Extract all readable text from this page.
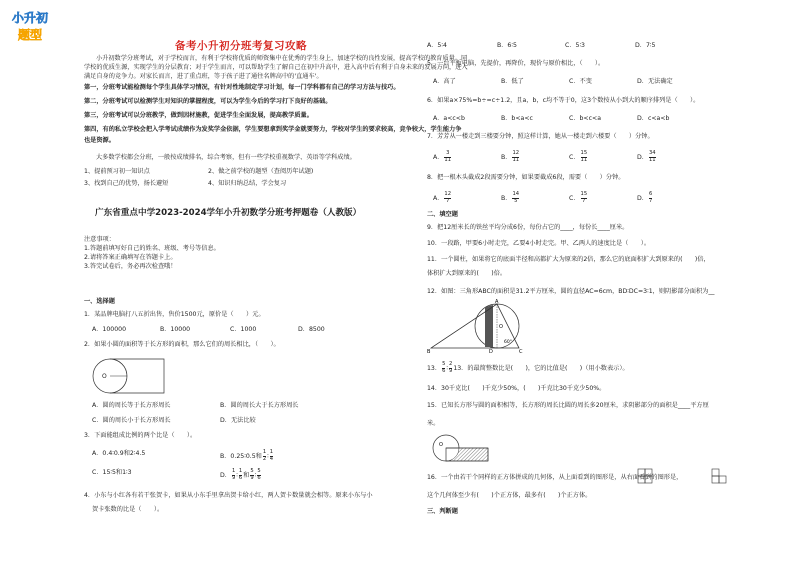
小升初
题型
备考小升初分班考复习攻略
小升初数学分班考试，对于学校而言，有利于学校将优质的师资集中在优秀的学生身上，加速学校的良性发展，提高学校的教育质量。同
学校的优质生源，实现学生的分层教育；对于学生而言，可以帮助学生了解自己在初中升高中，进入高中后有利于自身未来的发展方向，进入
满足自身的竞争力。对家长而言，进了重点班，等于孩子进了通往名牌高中的'直通车'。
第一，分班考试能检测每个学生具体学习情况，有针对性地制定学习计划，每一门学科都有自己的学习方法与技巧。
第二，分班考试可以检测学生对知识的掌握程度，可以为学生今后的学习打下良好的基础。
第三，分班考试可以分班教学，做到因材施教，促进学生全面发展，提高教学质量。
第四，有的私立学校会把入学考试成绩作为发奖学金依据，学生要想拿到奖学金就要努力，学校对学生的要求较高，竞争较大，学生能力争
也是资源。
大多数学校都会分班，一般按成绩排名，综合考察，但有一些学校重视数学、英语等学科成绩。
1、提前预习初一知识点	2、做之前学校的题型（查阅历年试题)
3、找到自己的优势，扬长避短	4、知识归纳总结，学会复习
广东省重点中学2023-2024学年小升初数学分班考押题卷（人教版）
注意事项：
1.答题前填写好自己的姓名、班级、考号等信息。
2.请将答案正确填写在答题卡上。
3.答完试卷后，务必再次检查哦！
一、选择题
1．某品牌电脑打八五折出售，售价1500元，原价是（　　）元。
A．100000	B．10000	C．1000	D．8500
2．如果小圆的面积等于长方形的面积，那么它们的周长相比，（　　）。
O
A．圆的周长等于长方形周长	B．圆的周长大于长方形周长
C．圆的周长小于长方形周长	D．无法比较
3．下面能组成比例的两个比是（　　）。
A．0.4∶0.9和2∶4.5	B．0.25∶0.5和 $\frac{1}{2}$ ∶ $\frac{1}{4}$
C．15∶5和1∶3	D． $\frac{1}{9}$ ∶ $\frac{1}{6}$ 和 $\frac{5}{9}$ ∶ $\frac{5}{6}$
4．小东与小红各有若干张贺卡，如果从小东手里拿出贺卡给小红，两人贺卡数量就会相等。原来小东与小
贺卡张数的比是（　　）。
A．5∶4	B．6∶5	C．5∶3	D．7∶5
5．一台平板电脑，先提价，再降价，现价与原价相比，（　　）。
A．高了	B．低了	C．不变	D．无法确定
6．如果a×75%=b÷=c÷1.2，且a，b，c均不等于0，这3个数按从小到大的顺序排列是（　　）。
A．a<c<b	B．b<a<c	C．b<c<a	D．c<a<b
7．芳芳从一楼走到三楼要分钟，照这样计算，她从一楼走到六楼要（　　）分钟。
A． $\frac{3}{11}$	B． $\frac{12}{11}$	C． $\frac{15}{11}$	D． $\frac{34}{11}$
8．把一根木头截成2段需要分钟，如果要截成6段，需要（　　）分钟。
A． $\frac{12}{7}$	B． $\frac{14}{5}$	C． $\frac{15}{7}$	D． $\frac{6}{7}$
二、填空题
9．把12厘米长的铁丝平均分成6份，每份占它的____，每份长____厘米。
10．一段路，甲要6小时走完，乙要4小时走完。甲、乙两人的速度比是（　　）。
11．一个圆柱，如果将它的底面半径和高都扩大为原来的2倍，那么它的底面积扩大到原来的(　　)倍，
体积扩大到原来的(　　)倍。
12．如图：三角形ABC的面积是31.2平方厘米，圆的直径AC=6cm，BD∶DC=3∶1，则阴影部分面积为__
B	D	C
A
O
60°
13． $\frac{5}{6}$ ∶ $\frac{2}{9} 13$．的最简整数比是(　　)，它的比值是(　　)（用小数表示）。
14．30千克比(　　)千克少50%，(　　)千克比30千克少50%。
15．已知长方形与圆的面积相等，长方形的周长比圆的周长多20厘米，求阴影部分的面积是____平方厘
米。
O
16．一个由若干个同样的正方体拼成的几何体，从上面看到的图形是，从右面看到的图形是，
这个几何体至少有(　　)个正方体，最多有(　　)个正方体。
三、判断题
